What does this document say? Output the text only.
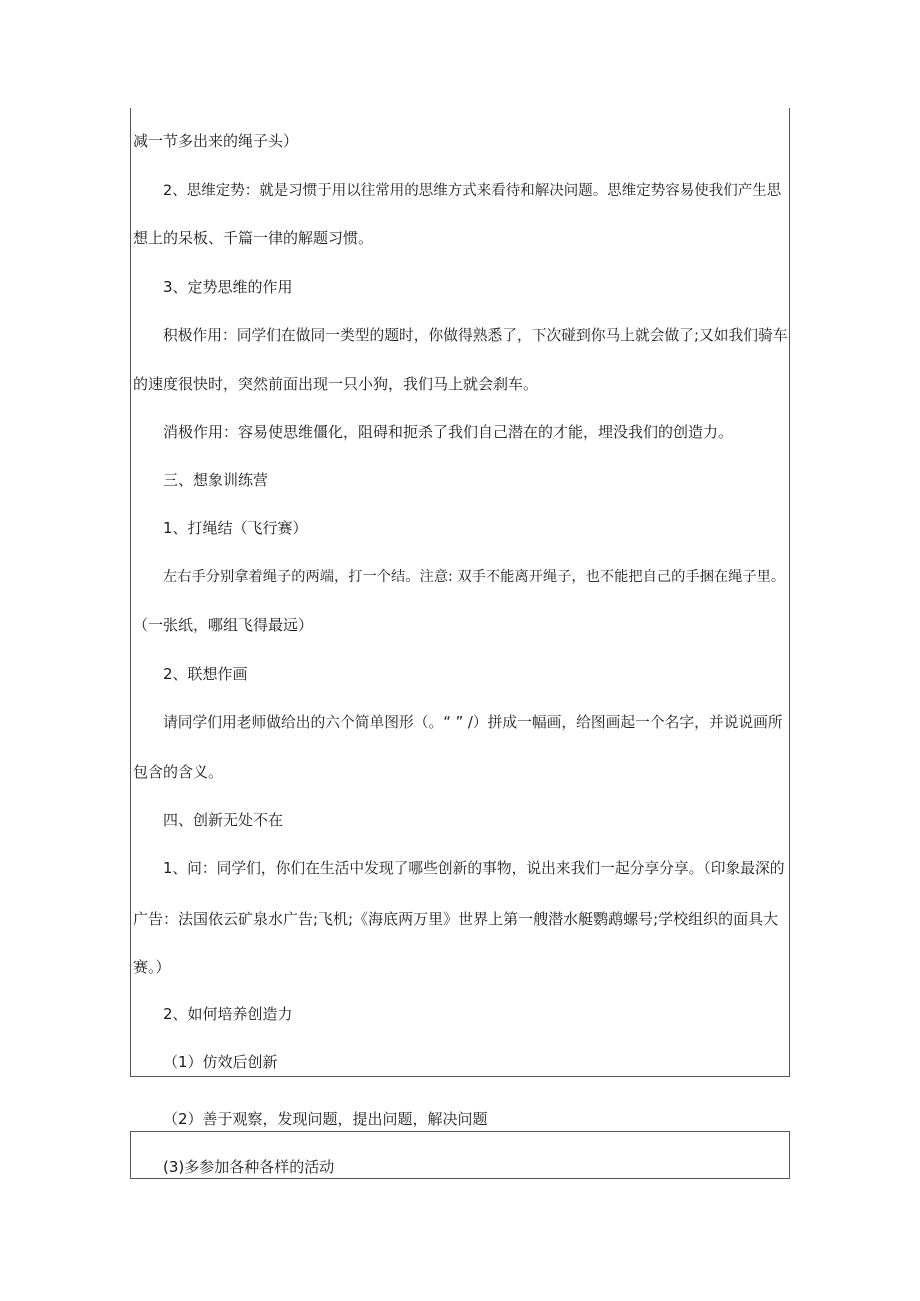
减一节多出来的绳子头）
2、思维定势：就是习惯于用以往常用的思维方式来看待和解决问题。思维定势容易使我们产生思
想上的呆板、千篇一律的解题习惯。
3、定势思维的作用
积极作用：同学们在做同一类型的题时，你做得熟悉了，下次碰到你马上就会做了;又如我们骑车
的速度很快时，突然前面出现一只小狗，我们马上就会刹车。
消极作用：容易使思维僵化，阻碍和扼杀了我们自己潜在的才能，埋没我们的创造力。
三、想象训练营
1、打绳结（飞行赛）
左右手分别拿着绳子的两端，打一个结。注意: 双手不能离开绳子，也不能把自己的手捆在绳子里。
（一张纸，哪组飞得最远）
2、联想作画
请同学们用老师做给出的六个简单图形（。“ ” /）拼成一幅画，给图画起一个名字，并说说画所
包含的含义。
四、创新无处不在
1、问：同学们，你们在生活中发现了哪些创新的事物，说出来我们一起分享分享。（印象最深的
广告：法国依云矿泉水广告;飞机;《海底两万里》世界上第一艘潜水艇鹦鹉螺号;学校组织的面具大
赛。）
2、如何培养创造力
（1）仿效后创新
（2）善于观察，发现问题，提出问题，解决问题
(3)多参加各种各样的活动
